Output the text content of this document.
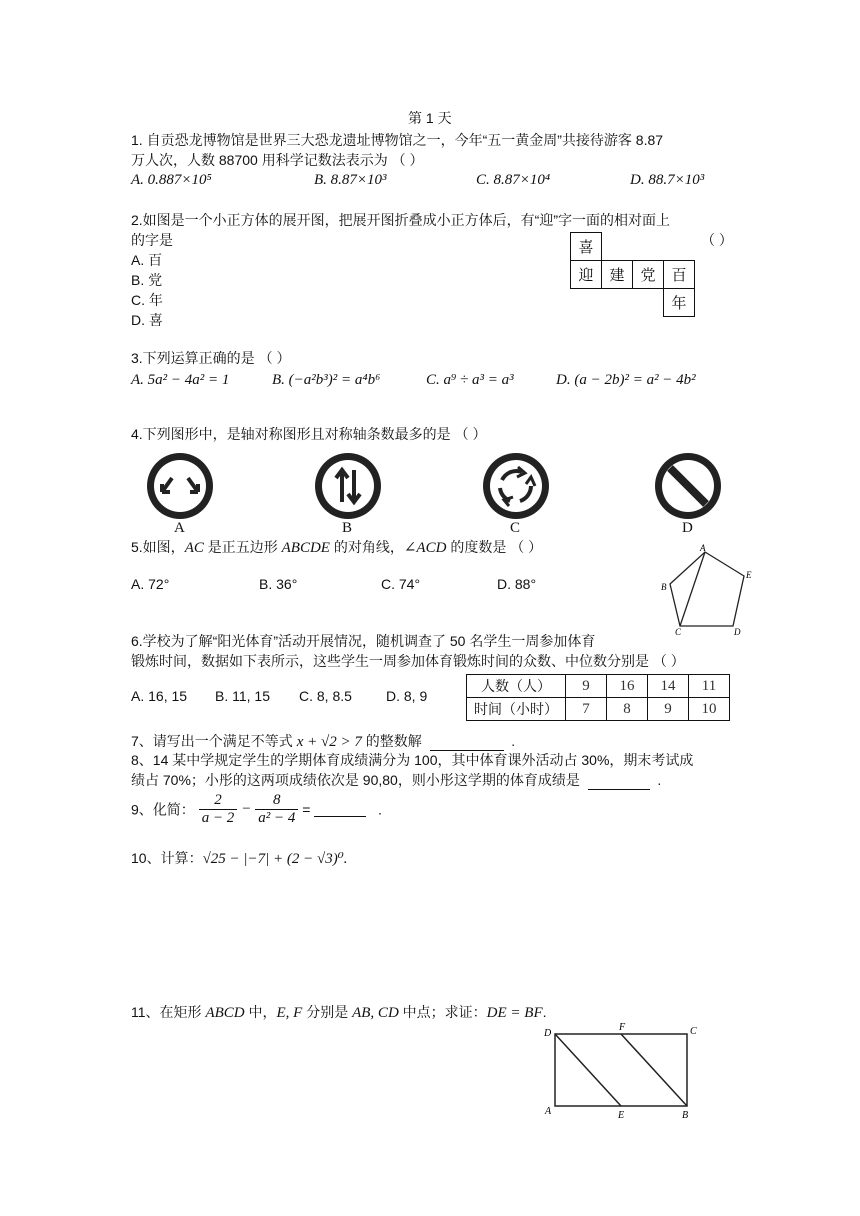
第 1 天
1. 自贡恐龙博物馆是世界三大恐龙遗址博物馆之一，今年“五一黄金周”共接待游客 8.87
万人次，人数 88700 用科学记数法表示为 （ ）
A. 0.887×10⁵	B. 8.87×10³	C. 8.87×10⁴	D. 88.7×10³
2.如图是一个小正方体的展开图，把展开图折叠成小正方体后，有“迎”字一面的相对面上
的字是	（ ）
A. 百
B. 党
C. 年
D. 喜
喜			
迎	建	党	百
			年
3.下列运算正确的是 （ ）
A. 5a² − 4a² = 1	B. (−a²b³)² = a⁴b⁶	C. a⁹ ÷ a³ = a³	D. (a − 2b)² = a² − 4b²
4.下列图形中，是轴对称图形且对称轴条数最多的是 （ ）
A	B	C	D
5.如图，AC 是正五边形 ABCDE 的对角线，∠ACD 的度数是 （ ）
A. 72°	B. 36°	C. 74°	D. 88°
A
B
C	D
E
6.学校为了解“阳光体育”活动开展情况，随机调查了 50 名学生一周参加体育
锻炼时间，数据如下表所示，这些学生一周参加体育锻炼时间的众数、中位数分别是 （ ）
A. 16, 15 B. 11, 15 C. 8, 8.5 D. 8, 9
人数（人）	9	16	14	11
时间（小时）	7	8	9	10
7、请写出一个满足不等式 x + √2 > 7 的整数解	.
8、14 某中学规定学生的学期体育成绩满分为 100，其中体育课外活动占 30%，期末考试成
绩占 70%；小彤的这两项成绩依次是 90,80，则小彤这学期的体育成绩是	.
9、化简： $\frac{2}{a - 2} - \frac{8}{\text{a² − 4}}$ =	.
10、计算：√25 − |−7| + (2 − √3)⁰.
11、在矩形 ABCD 中，E, F 分别是 AB, CD 中点；求证：DE = BF.
D
F	C
A	E	B
